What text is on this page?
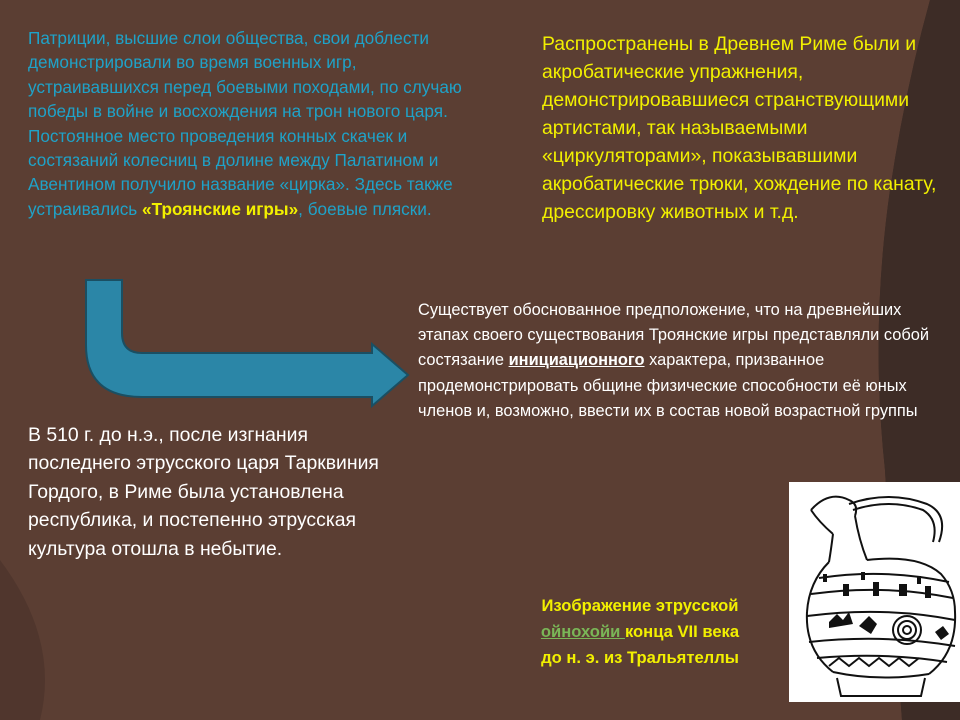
Патриции, высшие слои общества, свои доблести демонстрировали во время военных игр, устраивавшихся перед боевыми походами, по случаю победы в войне и восхождения на трон нового царя. Постоянное место проведения конных скачек и состязаний колесниц в долине между Палатином и Авентином получило название «цирка». Здесь также устраивались «Троянские игры», боевые пляски.

Распространены в Древнем Риме были и акробатические упражнения, демонстрировавшиеся странствующими артистами, так называемыми «циркуляторами», показывавшими акробатические трюки, хождение по канату, дрессировку животных и т.д.

Существует обоснованное предположение, что на древнейших этапах своего существования Троянские игры представляли собой состязание инициационного характера, призванное продемонстрировать общине физические способности её юных членов и, возможно, ввести их в состав новой возрастной группы

В 510 г. до н.э., после изгнания последнего этрусского царя Тарквиния Гордого, в Риме была установлена республика, и постепенно этрусская культура отошла в небытие.

Изображение этрусской
ойнохойи конца VII века
до н. э. из Тральятеллы
